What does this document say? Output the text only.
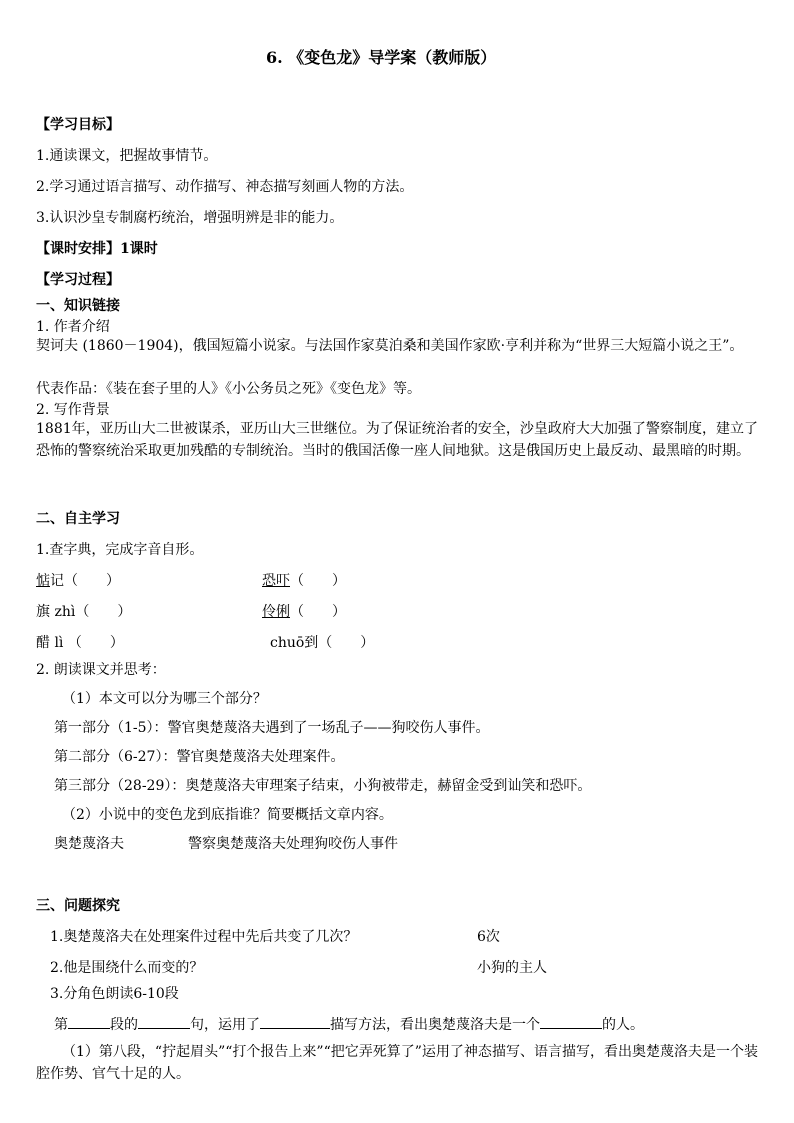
6. 《变色龙》导学案（教师版）
【学习目标】
1.通读课文，把握故事情节。
2.学习通过语言描写、动作描写、神态描写刻画人物的方法。
3.认识沙皇专制腐朽统治，增强明辨是非的能力。
【课时安排】1课时
【学习过程】
一、知识链接
1. 作者介绍
契诃夫 (1860－1904)，俄国短篇小说家。与法国作家莫泊桑和美国作家欧·亨利并称为“世界三大短篇小说之王”。
代表作品：《装在套子里的人》《小公务员之死》《变色龙》等。
2. 写作背景
1881年，亚历山大二世被谋杀，亚历山大三世继位。为了保证统治者的安全，沙皇政府大大加强了警察制度，建立了恐怖的警察统治采取更加残酷的专制统治。当时的俄国活像一座人间地狱。这是俄国历史上最反动、最黑暗的时期。
二、自主学习
1.查字典，完成字音自形。
惦记（　　）	恐吓（　　）
旗 zhì（　　）	伶俐（　　）
醋 lì （　　）	chuō到（　　）
2. 朗读课文并思考：
（1）本文可以分为哪三个部分？
第一部分（1-5）：警官奥楚蔑洛夫遇到了一场乱子——狗咬伤人事件。
第二部分（6-27）：警官奥楚蔑洛夫处理案件。
第三部分（28-29）：奥楚蔑洛夫审理案子结束，小狗被带走，赫留金受到讪笑和恐吓。
（2）小说中的变色龙到底指谁？简要概括文章内容。
奥楚蔑洛夫	警察奥楚蔑洛夫处理狗咬伤人事件
三、问题探究
1.奥楚蔑洛夫在处理案件过程中先后共变了几次？	6次
2.他是围绕什么而变的？	小狗的主人
3.分角色朗读6-10段
第	段的	句，运用了	描写方法，看出奥楚蔑洛夫是一个	的人。
（1）第八段，“拧起眉头”“打个报告上来”“把它弄死算了”运用了神态描写、语言描写，看出奥楚蔑洛夫是一个装腔作势、官气十足的人。
